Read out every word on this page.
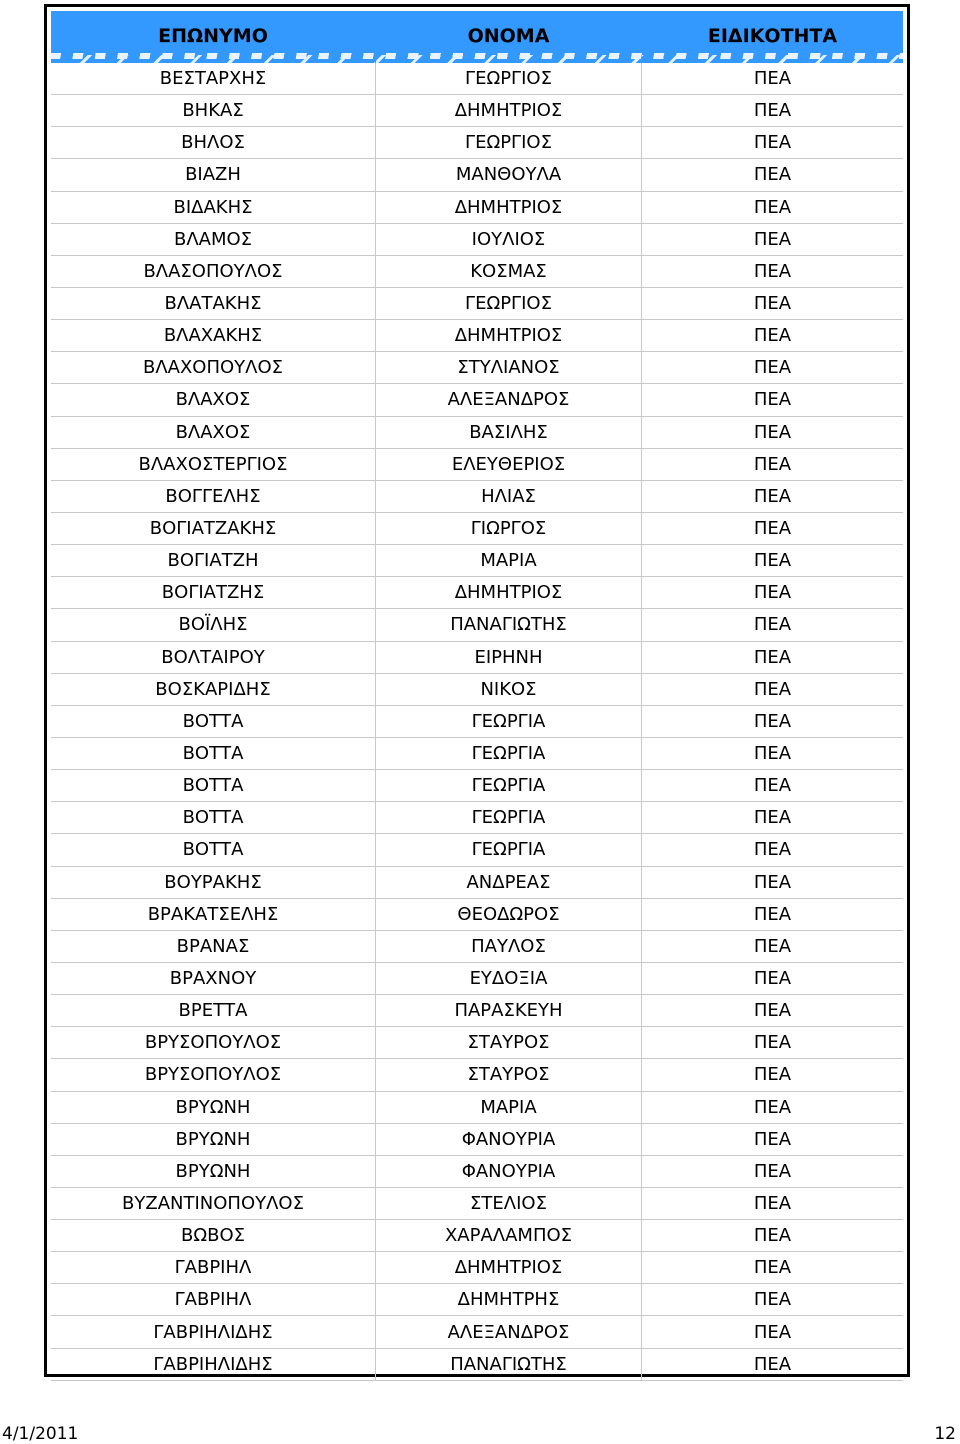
ΕΠΩΝΥΜΟ	ΟΝΟΜΑ	ΕΙΔΙΚΟΤΗΤΑ
ΒΕΣΤΑΡΧΗΣ	ΓΕΩΡΓΙΟΣ	ΠΕΑ
ΒΗΚΑΣ	ΔΗΜΗΤΡΙΟΣ	ΠΕΑ
ΒΗΛΟΣ	ΓΕΩΡΓΙΟΣ	ΠΕΑ
ΒΙΑΖΗ	ΜΑΝΘΟΥΛΑ	ΠΕΑ
ΒΙΔΑΚΗΣ	ΔΗΜΗΤΡΙΟΣ	ΠΕΑ
ΒΛΑΜΟΣ	ΙΟΥΛΙΟΣ	ΠΕΑ
ΒΛΑΣΟΠΟΥΛΟΣ	ΚΟΣΜΑΣ	ΠΕΑ
ΒΛΑΤΑΚΗΣ	ΓΕΩΡΓΙΟΣ	ΠΕΑ
ΒΛΑΧΑΚΗΣ	ΔΗΜΗΤΡΙΟΣ	ΠΕΑ
ΒΛΑΧΟΠΟΥΛΟΣ	ΣΤΥΛΙΑΝΟΣ	ΠΕΑ
ΒΛΑΧΟΣ	ΑΛΕΞΑΝΔΡΟΣ	ΠΕΑ
ΒΛΑΧΟΣ	ΒΑΣΙΛΗΣ	ΠΕΑ
ΒΛΑΧΟΣΤΕΡΓΙΟΣ	ΕΛΕΥΘΕΡΙΟΣ	ΠΕΑ
ΒΟΓΓΕΛΗΣ	ΗΛΙΑΣ	ΠΕΑ
ΒΟΓΙΑΤΖΑΚΗΣ	ΓΙΩΡΓΟΣ	ΠΕΑ
ΒΟΓΙΑΤΖΗ	ΜΑΡΙΑ	ΠΕΑ
ΒΟΓΙΑΤΖΗΣ	ΔΗΜΗΤΡΙΟΣ	ΠΕΑ
ΒΟΪΛΗΣ	ΠΑΝΑΓΙΩΤΗΣ	ΠΕΑ
ΒΟΛΤΑΙΡΟΥ	ΕΙΡΗΝΗ	ΠΕΑ
ΒΟΣΚΑΡΙΔΗΣ	ΝΙΚΟΣ	ΠΕΑ
ΒΟΤΤΑ	ΓΕΩΡΓΙΑ	ΠΕΑ
ΒΟΤΤΑ	ΓΕΩΡΓΙΑ	ΠΕΑ
ΒΟΤΤΑ	ΓΕΩΡΓΙΑ	ΠΕΑ
ΒΟΤΤΑ	ΓΕΩΡΓΙΑ	ΠΕΑ
ΒΟΤΤΑ	ΓΕΩΡΓΙΑ	ΠΕΑ
ΒΟΥΡΑΚΗΣ	ΑΝΔΡΕΑΣ	ΠΕΑ
ΒΡΑΚΑΤΣΕΛΗΣ	ΘΕΟΔΩΡΟΣ	ΠΕΑ
ΒΡΑΝΑΣ	ΠΑΥΛΟΣ	ΠΕΑ
ΒΡΑΧΝΟΥ	ΕΥΔΟΞΙΑ	ΠΕΑ
ΒΡΕΤΤΑ	ΠΑΡΑΣΚΕΥΗ	ΠΕΑ
ΒΡΥΣΟΠΟΥΛΟΣ	ΣΤΑΥΡΟΣ	ΠΕΑ
ΒΡΥΣΟΠΟΥΛΟΣ	ΣΤΑΥΡΟΣ	ΠΕΑ
ΒΡΥΩΝΗ	ΜΑΡΙΑ	ΠΕΑ
ΒΡΥΩΝΗ	ΦΑΝΟΥΡΙΑ	ΠΕΑ
ΒΡΥΩΝΗ	ΦΑΝΟΥΡΙΑ	ΠΕΑ
ΒΥΖΑΝΤΙΝΟΠΟΥΛΟΣ	ΣΤΕΛΙΟΣ	ΠΕΑ
ΒΩΒΟΣ	ΧΑΡΑΛΑΜΠΟΣ	ΠΕΑ
ΓΑΒΡΙΗΛ	ΔΗΜΗΤΡΙΟΣ	ΠΕΑ
ΓΑΒΡΙΗΛ	ΔΗΜΗΤΡΗΣ	ΠΕΑ
ΓΑΒΡΙΗΛΙΔΗΣ	ΑΛΕΞΑΝΔΡΟΣ	ΠΕΑ
ΓΑΒΡΙΗΛΙΔΗΣ	ΠΑΝΑΓΙΩΤΗΣ	ΠΕΑ
4/1/2011	12
